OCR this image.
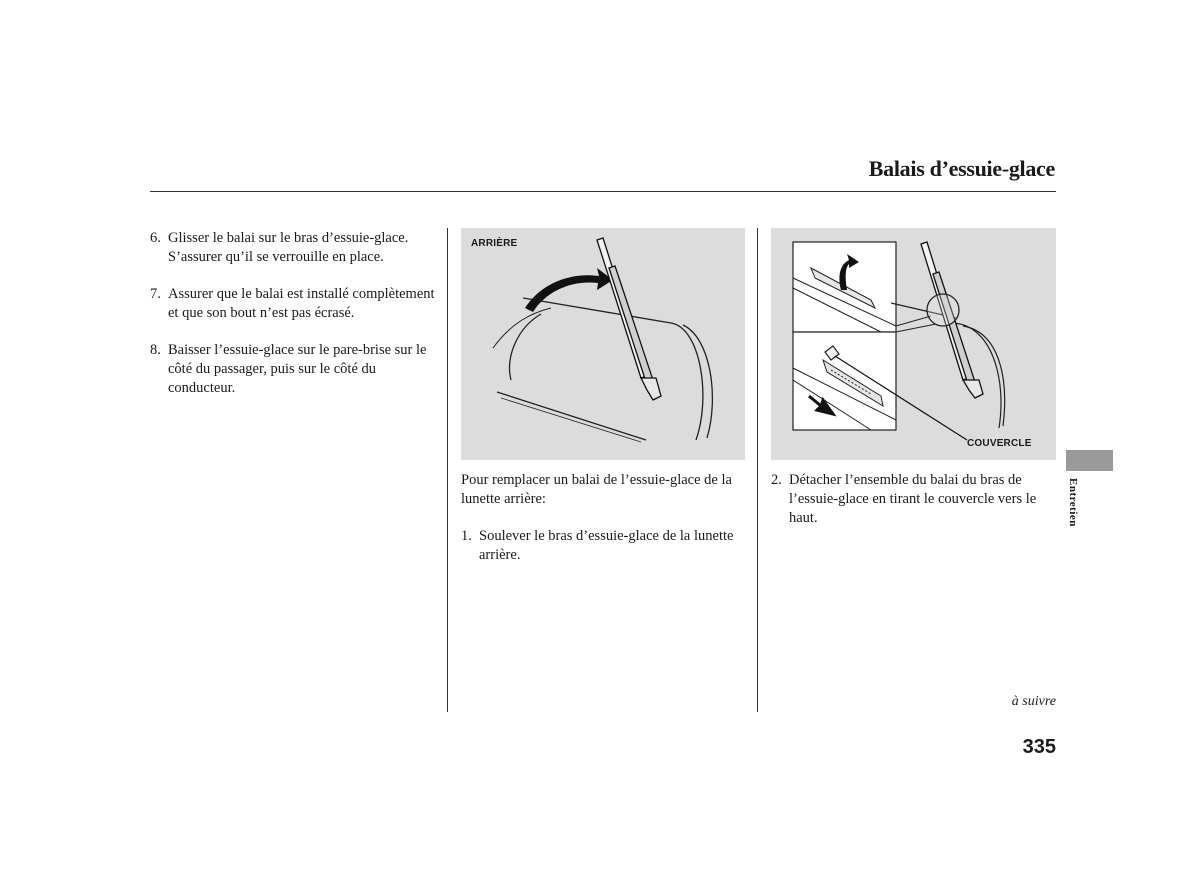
Balais d’essuie-glace
6. Glisser le balai sur le bras d’essuie-glace. S’assurer qu’il se verrouille en place.
7. Assurer que le balai est installé complètement et que son bout n’est pas écrasé.
8. Baisser l’essuie-glace sur le pare-brise sur le côté du passager, puis sur le côté du conducteur.
ARRIÈRE

Pour remplacer un balai de l’essuie-glace de la lunette arrière:

1. Soulever le bras d’essuie-glace de la lunette arrière.
COUVERCLE
2. Détacher l’ensemble du balai du bras de l’essuie-glace en tirant le couvercle vers le haut.	Entretien
à suivre
335
